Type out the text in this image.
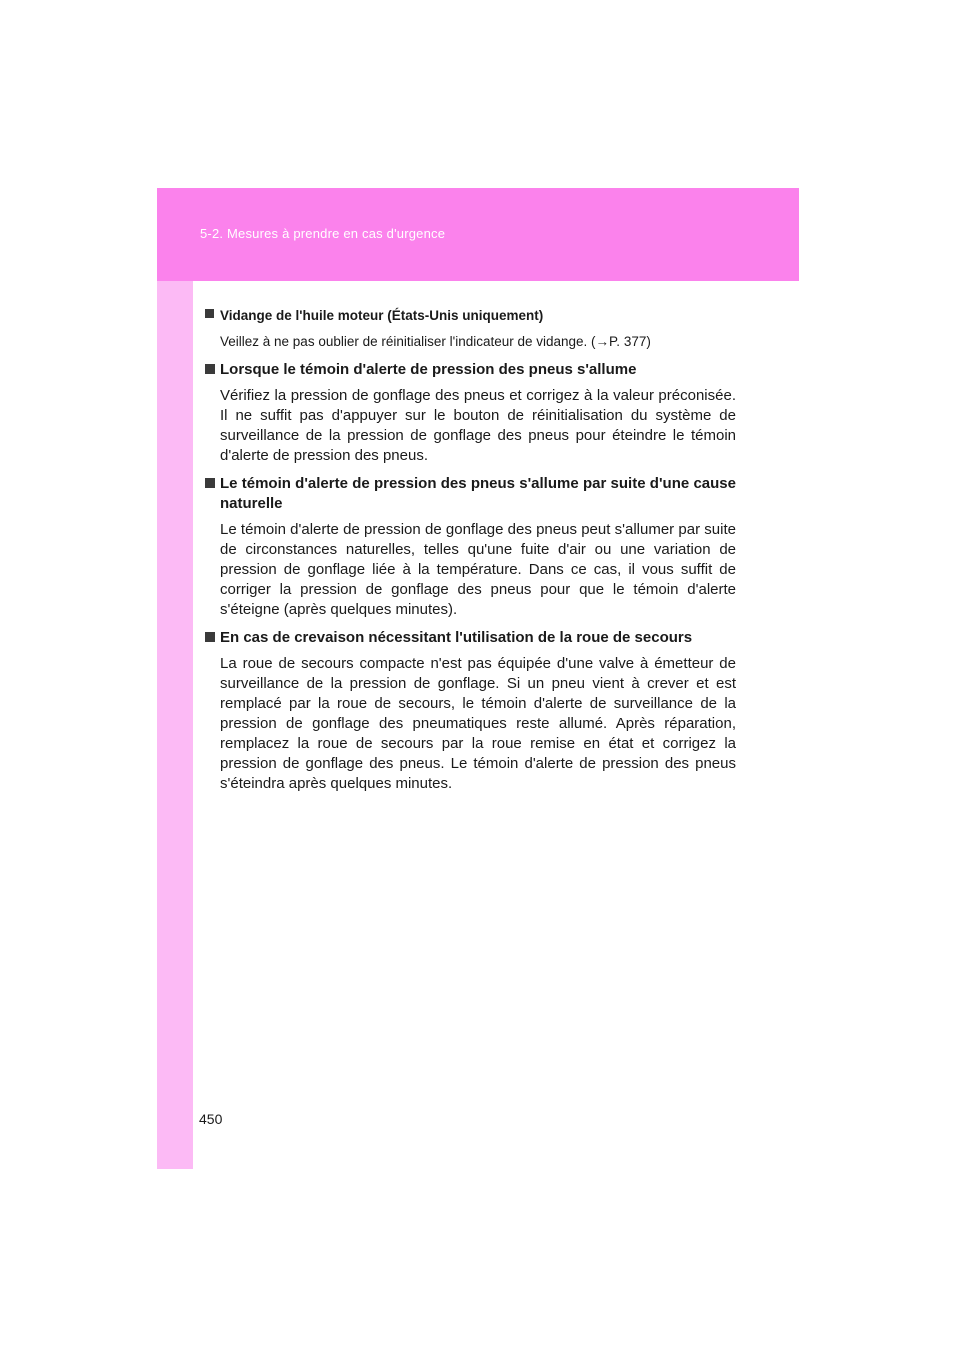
5-2. Mesures à prendre en cas d'urgence
Vidange de l'huile moteur (États-Unis uniquement)
Veillez à ne pas oublier de réinitialiser l'indicateur de vidange. (→P. 377)
Lorsque le témoin d'alerte de pression des pneus s'allume
Vérifiez la pression de gonflage des pneus et corrigez à la valeur préconisée. Il ne suffit pas d'appuyer sur le bouton de réinitialisation du système de surveillance de la pression de gonflage des pneus pour éteindre le témoin d'alerte de pression des pneus.
Le témoin d'alerte de pression des pneus s'allume par suite d'une cause naturelle
Le témoin d'alerte de pression de gonflage des pneus peut s'allumer par suite de circonstances naturelles, telles qu'une fuite d'air ou une variation de pression de gonflage liée à la température. Dans ce cas, il vous suffit de corriger la pression de gonflage des pneus pour que le témoin d'alerte s'éteigne (après quelques minutes).
En cas de crevaison nécessitant l'utilisation de la roue de secours
La roue de secours compacte n'est pas équipée d'une valve à émetteur de surveillance de la pression de gonflage. Si un pneu vient à crever et est remplacé par la roue de secours, le témoin d'alerte de surveillance de la pression de gonflage des pneumatiques reste allumé. Après réparation, remplacez la roue de secours par la roue remise en état et corrigez la pression de gonflage des pneus. Le témoin d'alerte de pression des pneus s'éteindra après quelques minutes.
450
